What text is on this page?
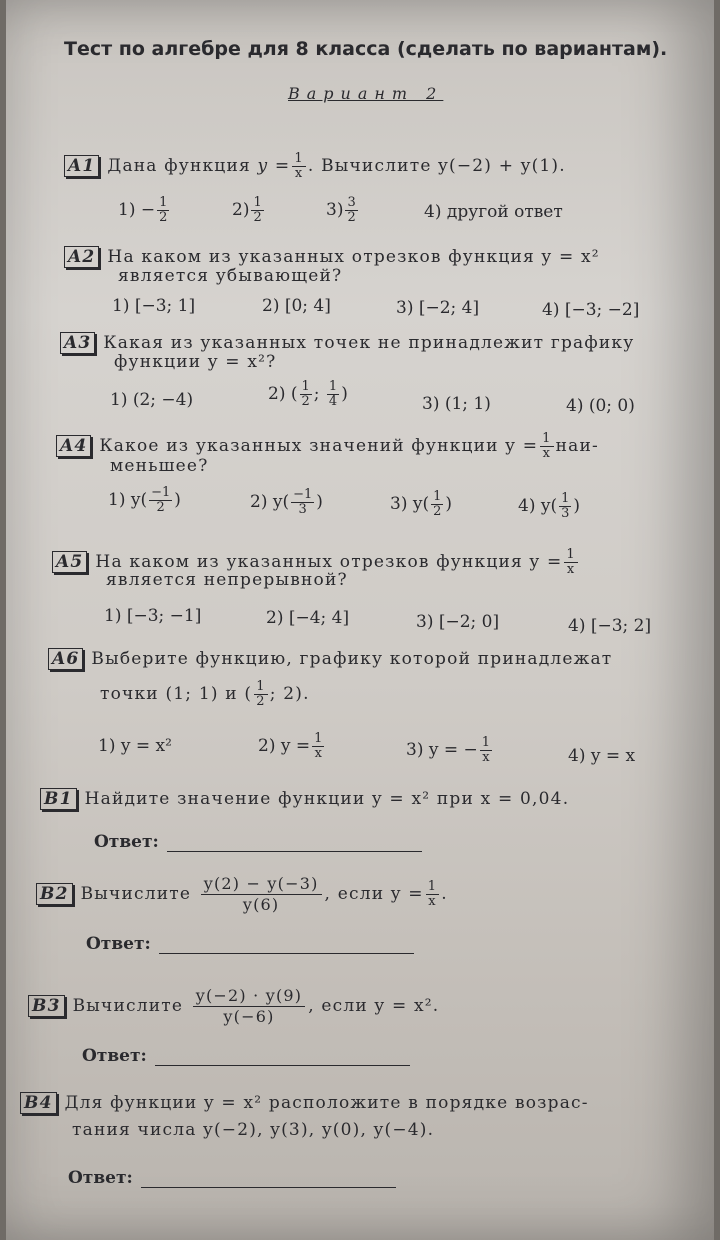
Тест по алгебре для 8 класса (сделать по вариантам).
Вариант 2
A1 Дана функция $y = \frac{1}{x}$ . Вычислите y(−2) + y(1).
$1) - \frac{1}{2}$	$2) \frac{1}{2}$	$3) \frac{3}{2}$	4) другой ответ
A2 На каком из указанных отрезков функция y = x²
является убывающей?
1) [−3; 1]	2) [0; 4]	3) [−2; 4]	4) [−3; −2]
A3 Какая из указанных точек не принадлежит графику
функции y = x²?
1) (2; −4)	2) ( $\frac{1}{2}$ ; $\frac{1}{4}$ )	3) (1; 1)	4) (0; 0)
A4 Какое из указанных значений функции $y = \frac{1}{x} наи-$
меньшее?
1) $y( \frac{-1}{2}$ )	2) $y( \frac{-1}{3}$ )	3) $y( \frac{1}{2}$ )	4) $y( \frac{1}{3}$ )
A5 На каком из указанных отрезков функция $y = \frac{1}{x}$
является непрерывной?
1) [−3; −1]	2) [−4; 4]	3) [−2; 0]	4) [−3; 2]
A6 Выберите функцию, графику которой принадлежат
точки (1; 1) и ( $\frac{1}{2}$ ; 2).
1) y = x²	2) $y = \frac{1}{x}$	3) y = − $\frac{1}{x}$	4) y = x
B1 Найдите значение функции y = x² при x = 0,04.
Ответ:
B2 Вычислите $\frac{y(2) - y(-3)}{y(6)}$ , если $y = \frac{1}{x}$ .
Ответ:
B3 Вычислите $\frac{y(-2) \cdot y(9)}{y(-6)}$ , если y = x².
Ответ:
B4 Для функции y = x² расположите в порядке возрас-
тания числа y(−2), y(3), y(0), y(−4).
Ответ:
